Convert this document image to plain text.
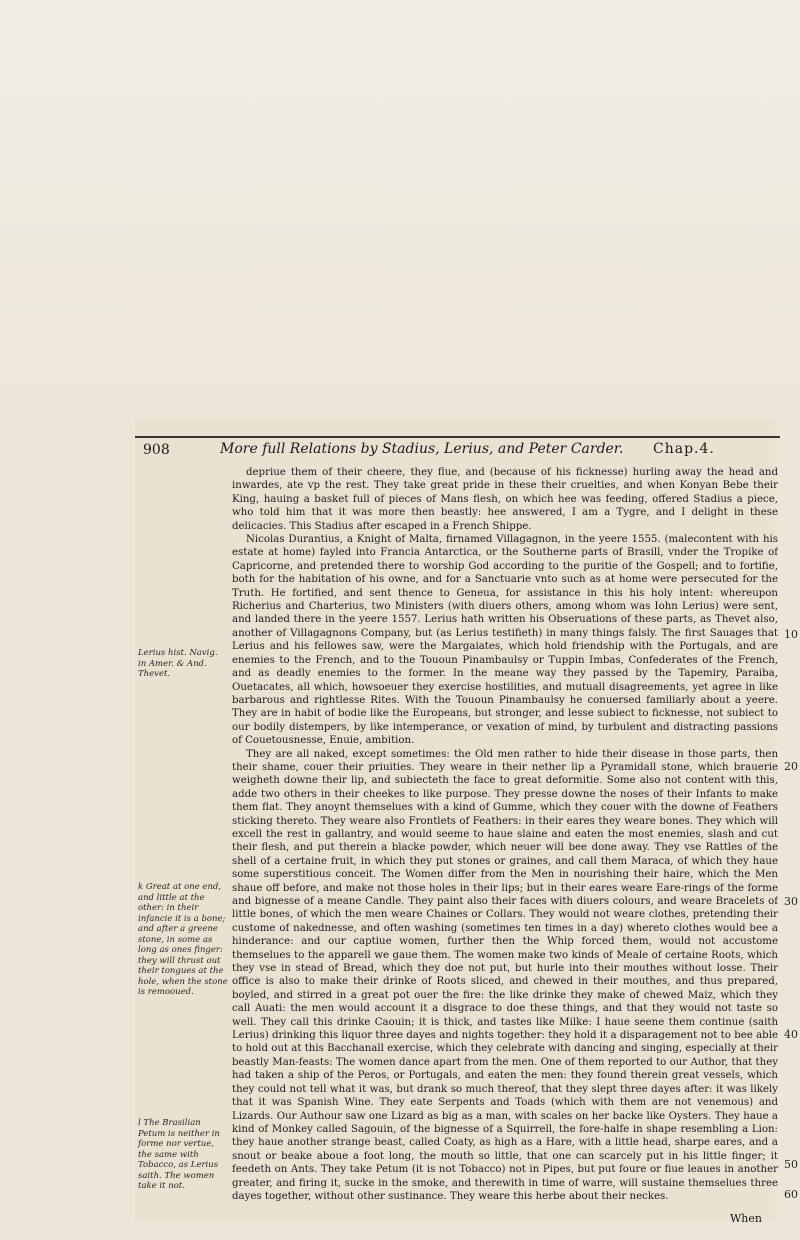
908	More full Relations by Stadius, Lerius, and Peter Carder. Chap.4.
Lerius hist. Navig. in Amer. & And. Thevet.
k Great at one end, and little at the other: in their infancie it is a bone; and after a greene stone, in some as long as ones finger: they will thrust out their tongues at the hole, when the stone is remooued.
l The Brasilian Petum is neither in forme nor vertue, the same with Tobacco, as Lerius saith. The women take it not.
10
20
30
40
50
60

depriue them of their cheere, they flue, and (because of his ficknesse) hurling away the head and inwardes, ate vp the rest. They take great pride in these their cruelties, and when Konyan Bebe their King, hauing a basket full of pieces of Mans flesh, on which hee was feeding, offered Stadius a piece, who told him that it was more then beastly: hee answered, I am a Tygre, and I delight in these delicacies. This Stadius after escaped in a French Shippe.

Nicolas Durantius, a Knight of Malta, firnamed Villagagnon, in the yeere 1555. (malecontent with his estate at home) fayled into Francia Antarctica, or the Southerne parts of Brasill, vnder the Tropike of Capricorne, and pretended there to worship God according to the puritie of the Gospell; and to fortifie, both for the habitation of his owne, and for a Sanctuarie vnto such as at home were persecuted for the Truth. He fortified, and sent thence to Geneua, for assistance in this his holy intent: whereupon Richerius and Charterius, two Ministers (with diuers others, among whom was Iohn Lerius) were sent, and landed there in the yeere 1557. Lerius hath written his Obseruations of these parts, as Thevet also, another of Villagagnons Company, but (as Lerius testifieth) in many things falsly. The first Sauages that Lerius and his fellowes saw, were the Margaiates, which hold friendship with the Portugals, and are enemies to the French, and to the Tououn Pinambaulsy or Tuppin Imbas, Confederates of the French, and as deadly enemies to the former. In the meane way they passed by the Tapemiry, Paraiba, Ouetacates, all which, howsoeuer they exercise hostilities, and mutuall disagreements, yet agree in like barbarous and rightlesse Rites. With the Tououn Pinambaulsy he conuersed familiarly about a yeere. They are in habit of bodie like the Europeans, but stronger, and lesse subiect to ficknesse, not subiect to our bodily distempers, by like intemperance, or vexation of mind, by turbulent and distracting passions of Couetousnesse, Enuie, ambition.

They are all naked, except sometimes: the Old men rather to hide their disease in those parts, then their shame, couer their priuities. They weare in their nether lip a Pyramidall stone, which brauerie weigheth downe their lip, and subiecteth the face to great deformitie. Some also not content with this, adde two others in their cheekes to like purpose. They presse downe the noses of their Infants to make them flat. They anoynt themselues with a kind of Gumme, which they couer with the downe of Feathers sticking thereto. They weare also Frontlets of Feathers: in their eares they weare bones. They which will excell the rest in gallantry, and would seeme to haue slaine and eaten the most enemies, slash and cut their flesh, and put therein a blacke powder, which neuer will bee done away. They vse Rattles of the shell of a certaine fruit, in which they put stones or graines, and call them Maraca, of which they haue some superstitious conceit. The Women differ from the Men in nourishing their haire, which the Men shaue off before, and make not those holes in their lips; but in their eares weare Eare-rings of the forme and bignesse of a meane Candle. They paint also their faces with diuers colours, and weare Bracelets of little bones, of which the men weare Chaines or Collars. They would not weare clothes, pretending their custome of nakednesse, and often washing (sometimes ten times in a day) whereto clothes would bee a hinderance: and our captiue women, further then the Whip forced them, would not accustome themselues to the apparell we gaue them. The women make two kinds of Meale of certaine Roots, which they vse in stead of Bread, which they doe not put, but hurle into their mouthes without losse. Their office is also to make their drinke of Roots sliced, and chewed in their mouthes, and thus prepared, boyled, and stirred in a great pot ouer the fire: the like drinke they make of chewed Maiz, which they call Auati: the men would account it a disgrace to doe these things, and that they would not taste so well. They call this drinke Caouin; it is thick, and tastes like Milke: I haue seene them continue (saith Lerius) drinking this liquor three dayes and nights together: they hold it a disparagement not to bee able to hold out at this Bacchanall exercise, which they celebrate with dancing and singing, especially at their beastly Man-feasts: The women dance apart from the men. One of them reported to our Author, that they had taken a ship of the Peros, or Portugals, and eaten the men: they found therein great vessels, which they could not tell what it was, but drank so much thereof, that they slept three dayes after: it was likely that it was Spanish Wine. They eate Serpents and Toads (which with them are not venemous) and Lizards. Our Authour saw one Lizard as big as a man, with scales on her backe like Oysters. They haue a kind of Monkey called Sagouin, of the bignesse of a Squirrell, the fore-halfe in shape resembling a Lion: they haue another strange beast, called Coaty, as high as a Hare, with a little head, sharpe eares, and a snout or beake aboue a foot long, the mouth so little, that one can scarcely put in his little finger; it feedeth on Ants. They take Petum (it is not Tobacco) not in Pipes, but put foure or fiue leaues in another greater, and firing it, sucke in the smoke, and therewith in time of warre, will sustaine themselues three dayes together, without other sustinance. They weare this herbe about their neckes.

When
